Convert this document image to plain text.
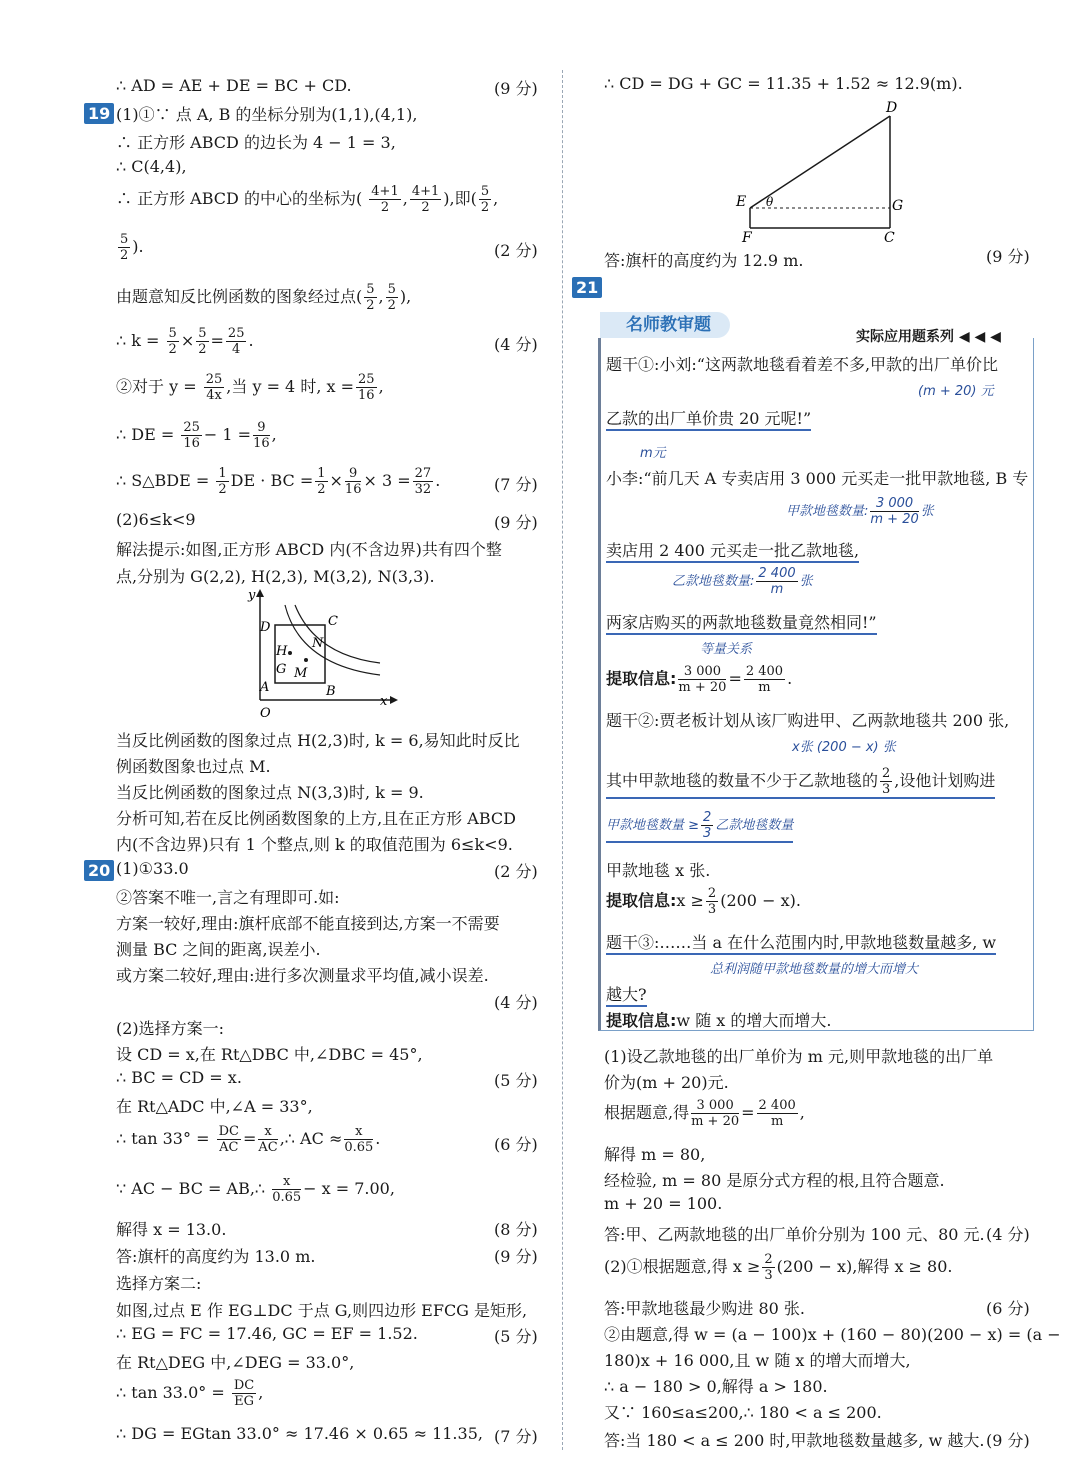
∴ AD = AE + DE = BC + CD.	(9 分)
19 (1)①∵ 点 A, B 的坐标分别为(1,1),(4,1),
∴ 正方形 ABCD 的边长为 4 − 1 = 3,
∴ C(4,4),
∴ 正方形 ABCD 的中心的坐标为( $\frac{4+1}{2}$ , $\frac{4+1}{2}$ ),即( $\frac{5}{2}$ ,
$\frac{5}{2}$ ).	(2 分)
由题意知反比例函数的图象经过点( $\frac{5}{2}$ , $\frac{5}{2}$ ),
∴ $k = \frac{5}{2} \times \frac{5}{2} = \frac{25}{4}$ .	(4 分)
②对于 $y = \frac{25}{4x}$ ,当 y = 4 时, $x = \frac{25}{16}$ ,
∴ DE = $\frac{25}{16} - 1 = \frac{9}{16}$ ,
∴ S△BDE = $\frac{1}{2}$ DE · BC = $\frac{1}{2} \times \frac{9}{16} \times 3 = \frac{27}{32}$ .	(7 分)
(2)6≤k<9	(9 分)
解法提示:如图,正方形 ABCD 内(不含边界)共有四个整
点,分别为 G(2,2), H(2,3), M(3,2), N(3,3).
y
x
O
A	B
C
D
H
N
G M
当反比例函数的图象过点 H(2,3)时, k = 6,易知此时反比
例函数图象也过点 M.
当反比例函数的图象过点 N(3,3)时, k = 9.
分析可知,若在反比例函数图象的上方,且在正方形 ABCD
内(不含边界)只有 1 个整点,则 k 的取值范围为 6≤k<9.
20 (1)①33.0	(2 分)
②答案不唯一,言之有理即可.如:
方案一较好,理由:旗杆底部不能直接到达,方案一不需要
测量 BC 之间的距离,误差小.
或方案二较好,理由:进行多次测量求平均值,减小误差.
(4 分)
(2)选择方案一:
设 CD = x,在 Rt△DBC 中,∠DBC = 45°,
∴ BC = CD = x.	(5 分)
在 Rt△ADC 中,∠A = 33°,
∴ $\tan 33^\circ = \frac{DC}{AC} = \frac{x}{AC}$ ,∴ AC ≈ $\frac{x}{0.65}$ .	(6 分)
∵ AC − BC = AB,∴ $\frac{x}{0.65} - x = 7.00$,
解得 x = 13.0.	(8 分)
答:旗杆的高度约为 13.0 m.	(9 分)
选择方案二:
如图,过点 E 作 EG⊥DC 于点 G,则四边形 EFCG 是矩形,
∴ EG = FC = 17.46, GC = EF = 1.52.	(5 分)
在 Rt△DEG 中,∠DEG = 33.0°,
∴ $\tan 33.0^\circ = \frac{DC}{EG}$ ,
∴ DG = EGtan 33.0° ≈ 17.46 × 0.65 ≈ 11.35, (7 分)
∴ CD = DG + GC = 11.35 + 1.52 ≈ 12.9(m).
D
E θ	G
F	C
答:旗杆的高度约为 12.9 m.	(9 分)
21
名师教审题
实际应用题系列 ◀ ◀ ◀
题干①:小刘:“这两款地毯看着差不多,甲款的出厂单价比
(m + 20) 元
乙款的出厂单价贵 20 元呢!”
m元
小李:“前几天 A 专卖店用 3 000 元买走一批甲款地毯, B 专
甲款地毯数量: $\frac{3 000}{m + 20}$ 张
卖店用 2 400 元买走一批乙款地毯,
乙款地毯数量: $\frac{2 400}{m}$ 张
两家店购买的两款地毯数量竟然相同!”
等量关系
提取信息: $\frac{3 000}{m + 20} = \frac{2 400}{m}$ .
题干②:贾老板计划从该厂购进甲、乙两款地毯共 200 张,
x张 (200 − x) 张
其中甲款地毯的数量不少于乙款地毯的 $\frac{2}{3}$ ,设他计划购进
甲款地毯数量 ≥ $\frac{2}{3}$ 乙款地毯数量
甲款地毯 x 张.
提取信息:x ≥ $\frac{2}{3} (200 - x)$.
题干③:……当 a 在什么范围内时,甲款地毯数量越多, w
总利润随甲款地毯数量的增大而增大
越大?
提取信息:w 随 x 的增大而增大.
(1)设乙款地毯的出厂单价为 m 元,则甲款地毯的出厂单
价为(m + 20)元.
根据题意,得 $\frac{3 000}{m + 20} = \frac{2 400}{m}$ ,
解得 m = 80,
经检验, m = 80 是原分式方程的根,且符合题意.
m + 20 = 100.
答:甲、乙两款地毯的出厂单价分别为 100 元、80 元. (4 分)
(2)①根据题意,得 $x \ge \frac{2}{3} (200 - x)$,解得 x ≥ 80.
答:甲款地毯最少购进 80 张.	(6 分)
②由题意,得 w = (a − 100)x + (160 − 80)(200 − x) = (a −
180)x + 16 000,且 w 随 x 的增大而增大,
∴ a − 180 > 0,解得 a > 180.
又∵ 160≤a≤200,∴ 180 < a ≤ 200.
答:当 180 < a ≤ 200 时,甲款地毯数量越多, w 越大. (9 分)
